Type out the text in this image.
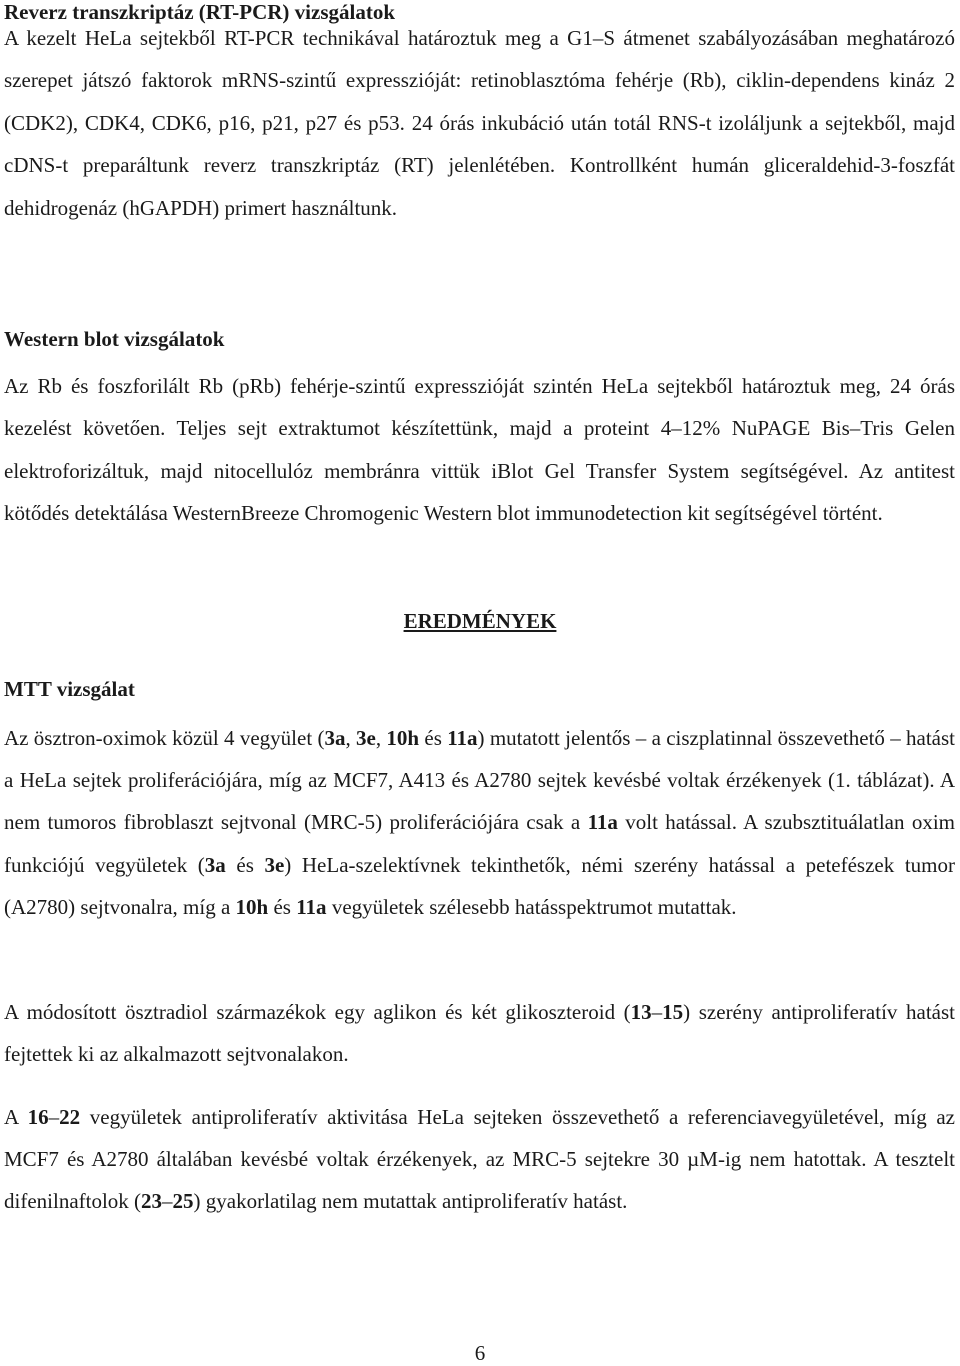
Reverz transzkriptáz (RT-PCR) vizsgálatok

A kezelt HeLa sejtekből RT-PCR technikával határoztuk meg a G1–S átmenet szabályozásában meghatározó szerepet játszó faktorok mRNS-szintű expresszióját: retinoblasztóma fehérje (Rb), ciklin-dependens kináz 2 (CDK2), CDK4, CDK6, p16, p21, p27 és p53. 24 órás inkubáció után totál RNS-t izoláljunk a sejtekből, majd cDNS-t preparáltunk reverz transzkriptáz (RT) jelenlétében. Kontrollként humán gliceraldehid-3-foszfát dehidrogenáz (hGAPDH) primert használtunk.

Western blot vizsgálatok

Az Rb és foszforilált Rb (pRb) fehérje-szintű expresszióját szintén HeLa sejtekből határoztuk meg, 24 órás kezelést követően. Teljes sejt extraktumot készítettünk, majd a proteint 4–12% NuPAGE Bis–Tris Gelen elektroforizáltuk, majd nitocellulóz membránra vittük iBlot Gel Transfer System segítségével. Az antitest kötődés detektálása WesternBreeze Chromogenic Western blot immunodetection kit segítségével történt.

EREDMÉNYEK
MTT vizsgálat

Az ösztron-oximok közül 4 vegyület (3a, 3e, 10h és 11a) mutatott jelentős – a ciszplatinnal összevethető – hatást a HeLa sejtek proliferációjára, míg az MCF7, A413 és A2780 sejtek kevésbé voltak érzékenyek (1. táblázat). A nem tumoros fibroblaszt sejtvonal (MRC-5) proliferációjára csak a 11a volt hatással. A szubsztituálatlan oxim funkciójú vegyületek (3a és 3e) HeLa-szelektívnek tekinthetők, némi szerény hatással a petefészek tumor (A2780) sejtvonalra, míg a 10h és 11a vegyületek szélesebb hatásspektrumot mutattak.

A módosított ösztradiol származékok egy aglikon és két glikoszteroid (13–15) szerény antiproliferatív hatást fejtettek ki az alkalmazott sejtvonalakon.

A 16–22 vegyületek antiproliferatív aktivitása HeLa sejteken összevethető a referenciavegyületével, míg az MCF7 és A2780 általában kevésbé voltak érzékenyek, az MRC-5 sejtekre 30 µM-ig nem hatottak. A tesztelt difenilnaftolok (23–25) gyakorlatilag nem mutattak antiproliferatív hatást.

6
